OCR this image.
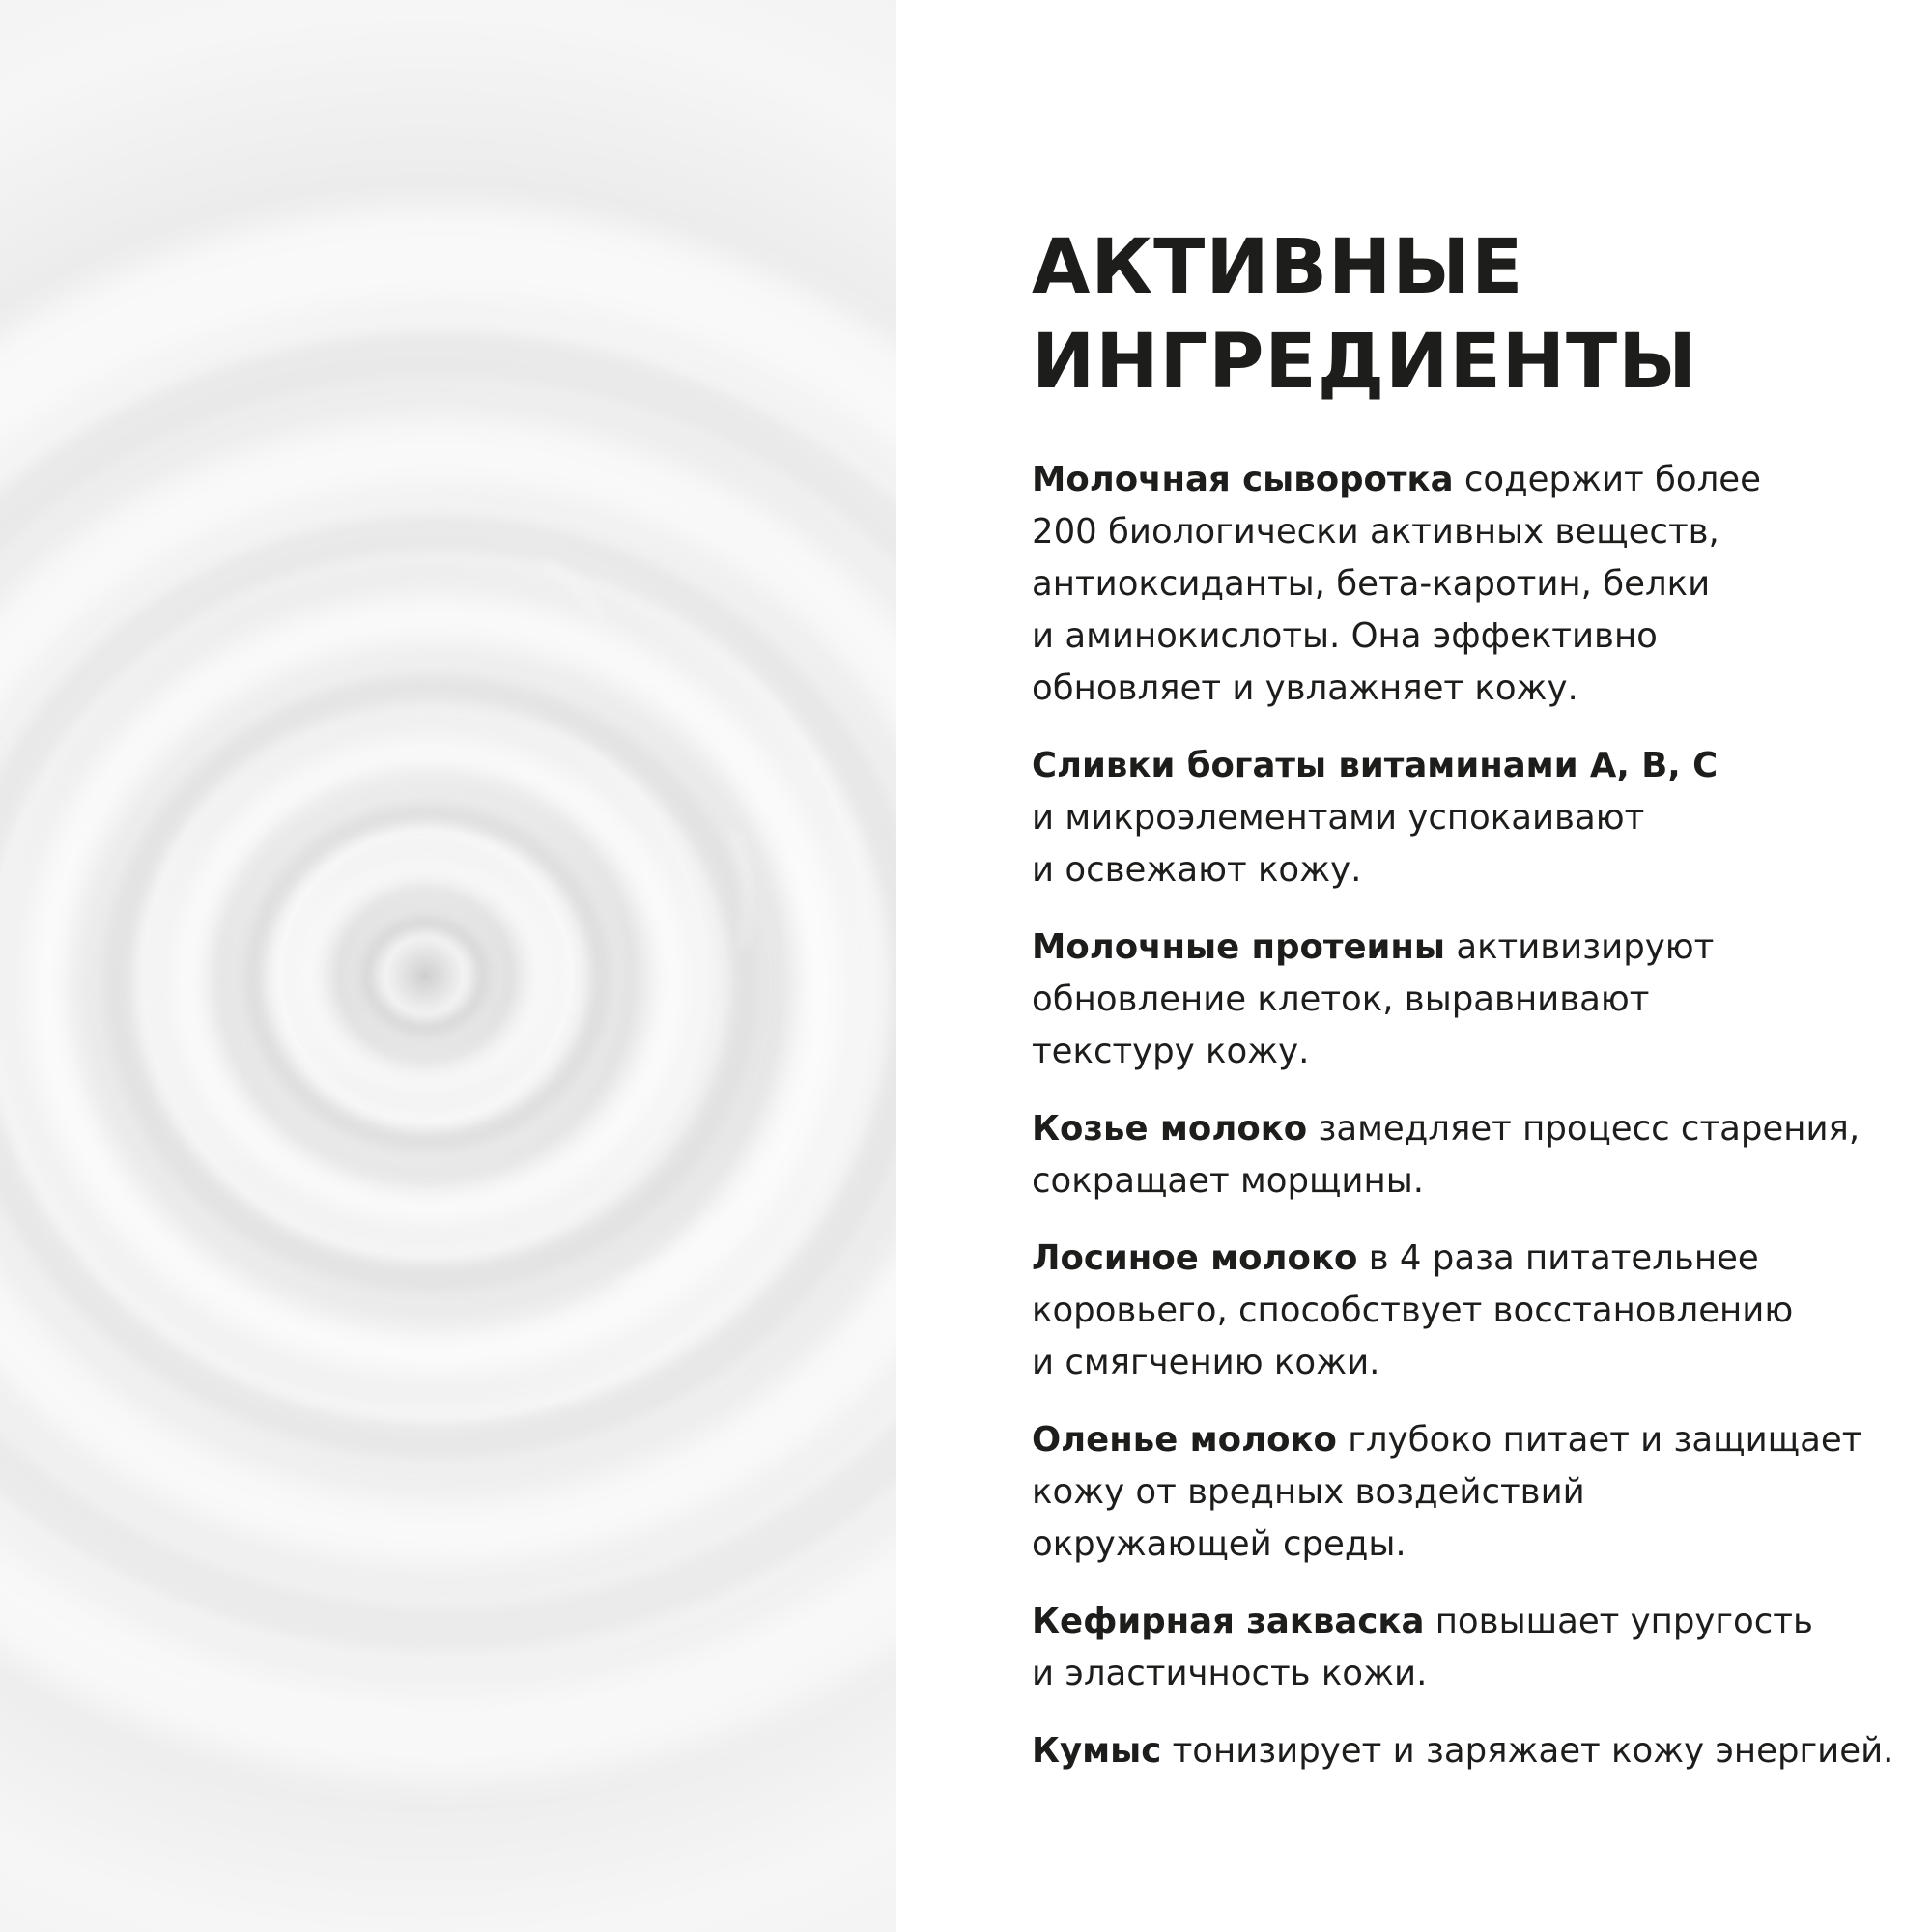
АКТИВНЫЕ
ИНГРЕДИЕНТЫ
Молочная сыворотка содержит более
200 биологически активных веществ,
антиоксиданты, бета-каротин, белки
и аминокислоты. Она эффективно
обновляет и увлажняет кожу.
Сливки богаты витаминами А, В, С
и микроэлементами успокаивают
и освежают кожу.
Молочные протеины активизируют
обновление клеток, выравнивают
текстуру кожу.
Козье молоко замедляет процесс старения,
сокращает морщины.
Лосиное молоко в 4 раза питательнее
коровьего, способствует восстановлению
и смягчению кожи.
Оленье молоко глубоко питает и защищает
кожу от вредных воздействий
окружающей среды.
Кефирная закваска повышает упругость
и эластичность кожи.
Кумыс тонизирует и заряжает кожу энергией.
